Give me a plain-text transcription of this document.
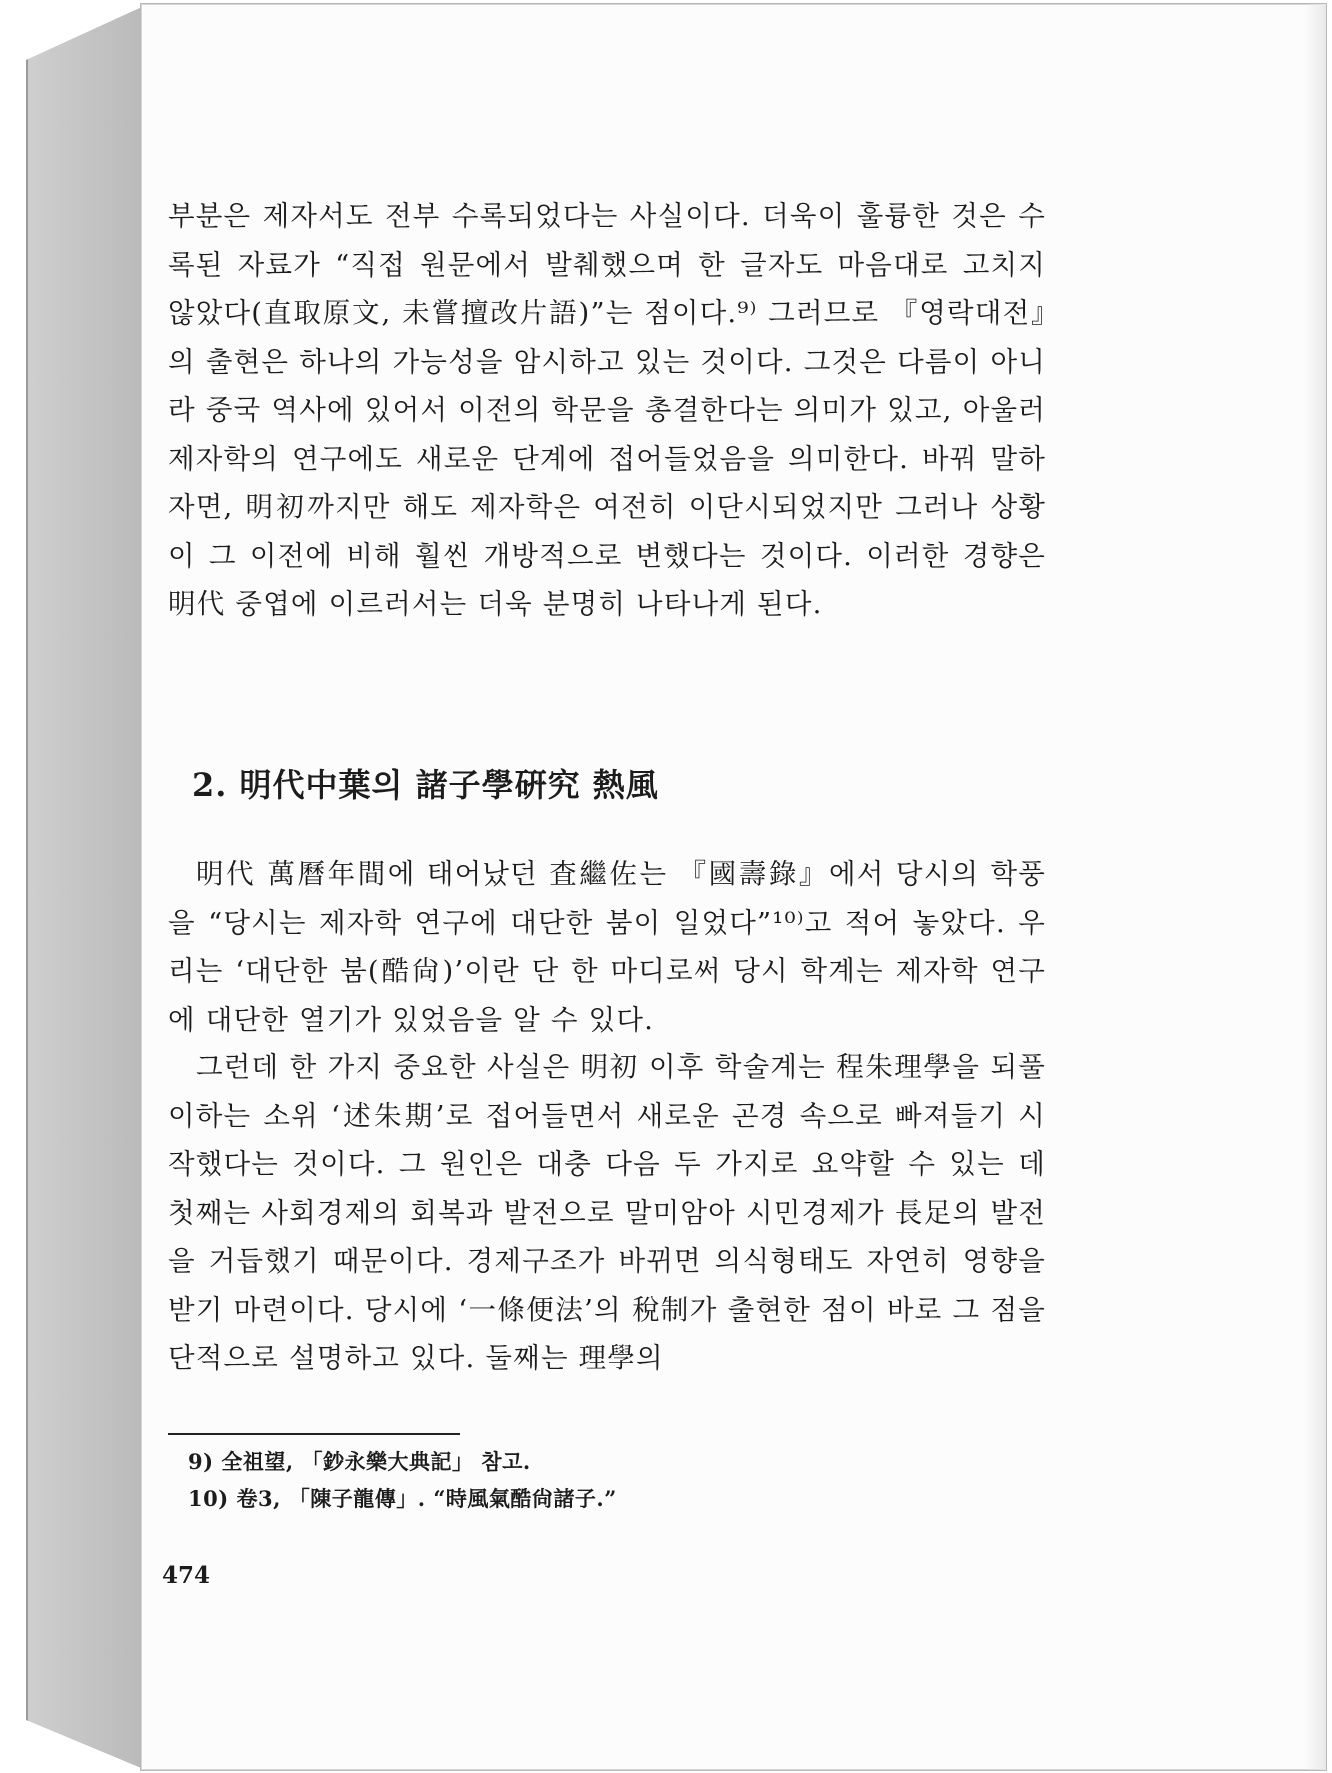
부분은 제자서도 전부 수록되었다는 사실이다. 더욱이 훌륭한 것은 수록된 자료가 “직접 원문에서 발췌했으며 한 글자도 마음대로 고치지 않았다(直取原文, 未嘗擅改片語)”는 점이다.⁹⁾ 그러므로 『영락대전』의 출현은 하나의 가능성을 암시하고 있는 것이다. 그것은 다름이 아니라 중국 역사에 있어서 이전의 학문을 총결한다는 의미가 있고, 아울러 제자학의 연구에도 새로운 단계에 접어들었음을 의미한다. 바꿔 말하자면, 明初까지만 해도 제자학은 여전히 이단시되었지만 그러나 상황이 그 이전에 비해 훨씬 개방적으로 변했다는 것이다. 이러한 경향은 明代 중엽에 이르러서는 더욱 분명히 나타나게 된다.
2. 明代中葉의 諸子學硏究 熱風
明代 萬曆年間에 태어났던 査繼佐는 『國壽錄』에서 당시의 학풍을 “당시는 제자학 연구에 대단한 붐이 일었다”¹⁰⁾고 적어 놓았다. 우리는 ‘대단한 붐(酷尙)’이란 단 한 마디로써 당시 학계는 제자학 연구에 대단한 열기가 있었음을 알 수 있다.
그런데 한 가지 중요한 사실은 明初 이후 학술계는 程朱理學을 되풀이하는 소위 ‘述朱期’로 접어들면서 새로운 곤경 속으로 빠져들기 시작했다는 것이다. 그 원인은 대충 다음 두 가지로 요약할 수 있는 데 첫째는 사회경제의 회복과 발전으로 말미암아 시민경제가 長足의 발전을 거듭했기 때문이다. 경제구조가 바뀌면 의식형태도 자연히 영향을 받기 마련이다. 당시에 ‘一條便法’의 稅制가 출현한 점이 바로 그 점을 단적으로 설명하고 있다. 둘째는 理學의
9) 全祖望, 「鈔永樂大典記」 참고.
10) 卷3, 「陳子龍傳」. “時風氣酷尙諸子.”
474
